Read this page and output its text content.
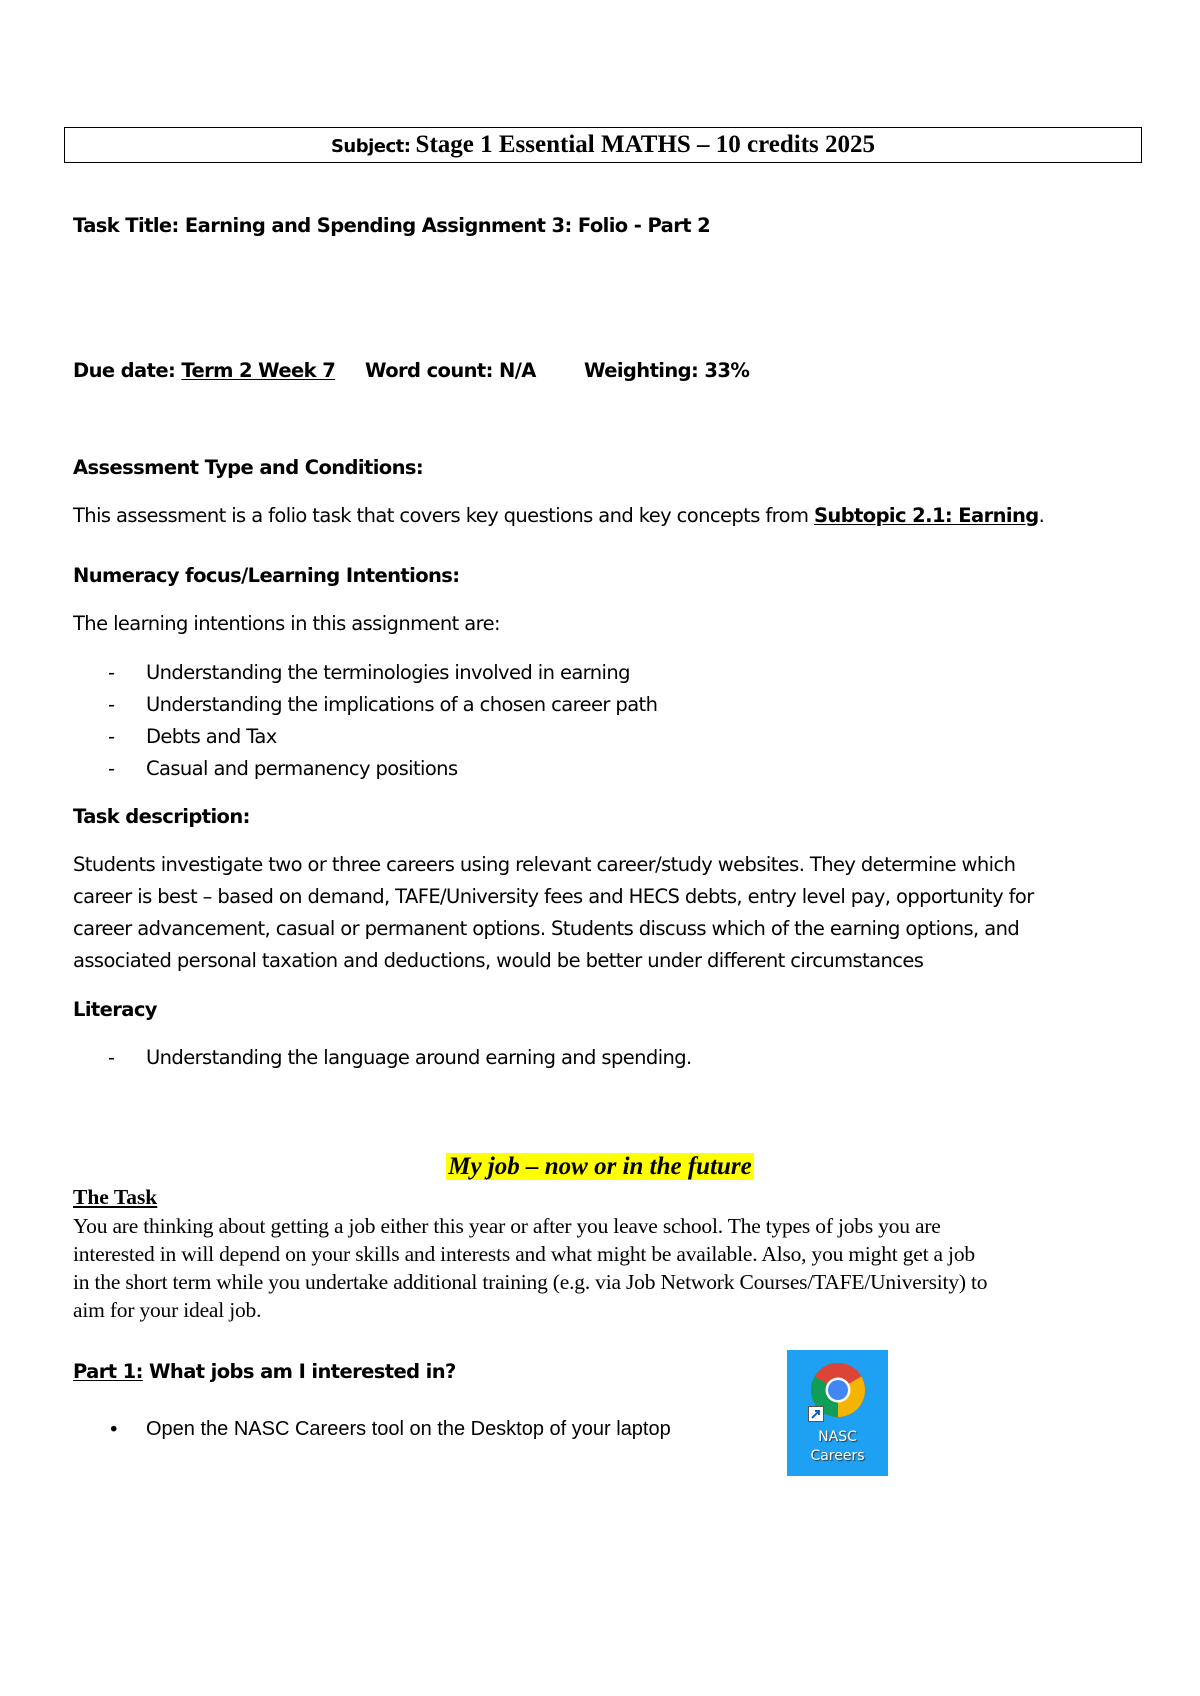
Subject: Stage 1 Essential MATHS – 10 credits 2025
Task Title: Earning and Spending Assignment 3: Folio - Part 2
Due date: Term 2 Week 7 Word count: N/A Weighting: 33%
Assessment Type and Conditions:
This assessment is a folio task that covers key questions and key concepts from Subtopic 2.1: Earning.
Numeracy focus/Learning Intentions:
The learning intentions in this assignment are:
- Understanding the terminologies involved in earning
- Understanding the implications of a chosen career path
- Debts and Tax
- Casual and permanency positions
Task description:
Students investigate two or three careers using relevant career/study websites. They determine which
career is best – based on demand, TAFE/University fees and HECS debts, entry level pay, opportunity for
career advancement, casual or permanent options. Students discuss which of the earning options, and
associated personal taxation and deductions, would be better under different circumstances
Literacy
- Understanding the language around earning and spending.
My job – now or in the future
The Task
You are thinking about getting a job either this year or after you leave school. The types of jobs you are
interested in will depend on your skills and interests and what might be available. Also, you might get a job
in the short term while you undertake additional training (e.g. via Job Network Courses/TAFE/University) to
aim for your ideal job.
Part 1: What jobs am I interested in?
• Open the NASC Careers tool on the Desktop of your laptop	NASC
Careers
